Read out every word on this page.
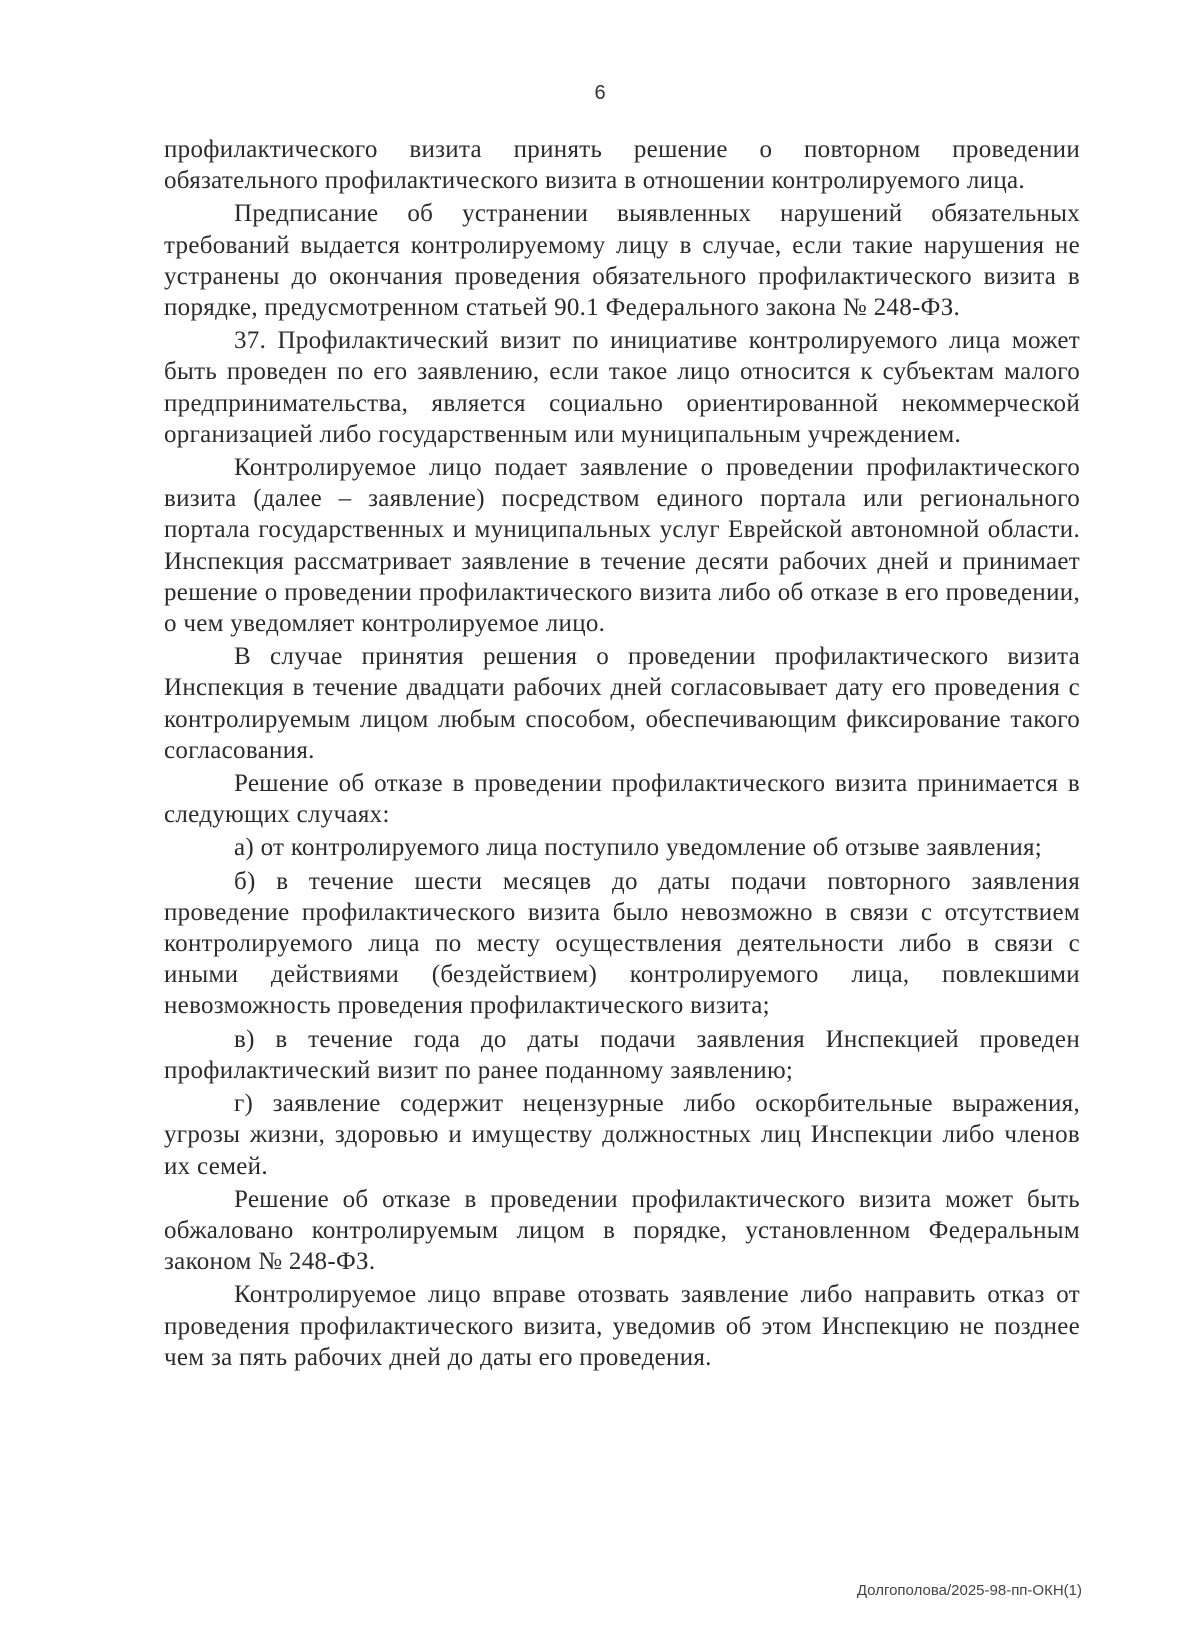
6

профилактического визита принять решение о повторном проведении обязательного профилактического визита в отношении контролируемого лица.

Предписание об устранении выявленных нарушений обязательных требований выдается контролируемому лицу в случае, если такие нарушения не устранены до окончания проведения обязательного профилактического визита в порядке, предусмотренном статьей 90.1 Федерального закона № 248-ФЗ.

37. Профилактический визит по инициативе контролируемого лица может быть проведен по его заявлению, если такое лицо относится к субъектам малого предпринимательства, является социально ориентированной некоммерческой организацией либо государственным или муниципальным учреждением.

Контролируемое лицо подает заявление о проведении профилактического визита (далее – заявление) посредством единого портала или регионального портала государственных и муниципальных услуг Еврейской автономной области. Инспекция рассматривает заявление в течение десяти рабочих дней и принимает решение о проведении профилактического визита либо об отказе в его проведении, о чем уведомляет контролируемое лицо.

В случае принятия решения о проведении профилактического визита Инспекция в течение двадцати рабочих дней согласовывает дату его проведения с контролируемым лицом любым способом, обеспечивающим фиксирование такого согласования.

Решение об отказе в проведении профилактического визита принимается в следующих случаях:

а) от контролируемого лица поступило уведомление об отзыве заявления;

б) в течение шести месяцев до даты подачи повторного заявления проведение профилактического визита было невозможно в связи с отсутствием контролируемого лица по месту осуществления деятельности либо в связи с иными действиями (бездействием) контролируемого лица, повлекшими невозможность проведения профилактического визита;

в) в течение года до даты подачи заявления Инспекцией проведен профилактический визит по ранее поданному заявлению;

г) заявление содержит нецензурные либо оскорбительные выражения, угрозы жизни, здоровью и имуществу должностных лиц Инспекции либо членов их семей.

Решение об отказе в проведении профилактического визита может быть обжаловано контролируемым лицом в порядке, установленном Федеральным законом № 248-ФЗ.

Контролируемое лицо вправе отозвать заявление либо направить отказ от проведения профилактического визита, уведомив об этом Инспекцию не позднее чем за пять рабочих дней до даты его проведения.

Долгополова/2025-98-пп-ОКН(1)
